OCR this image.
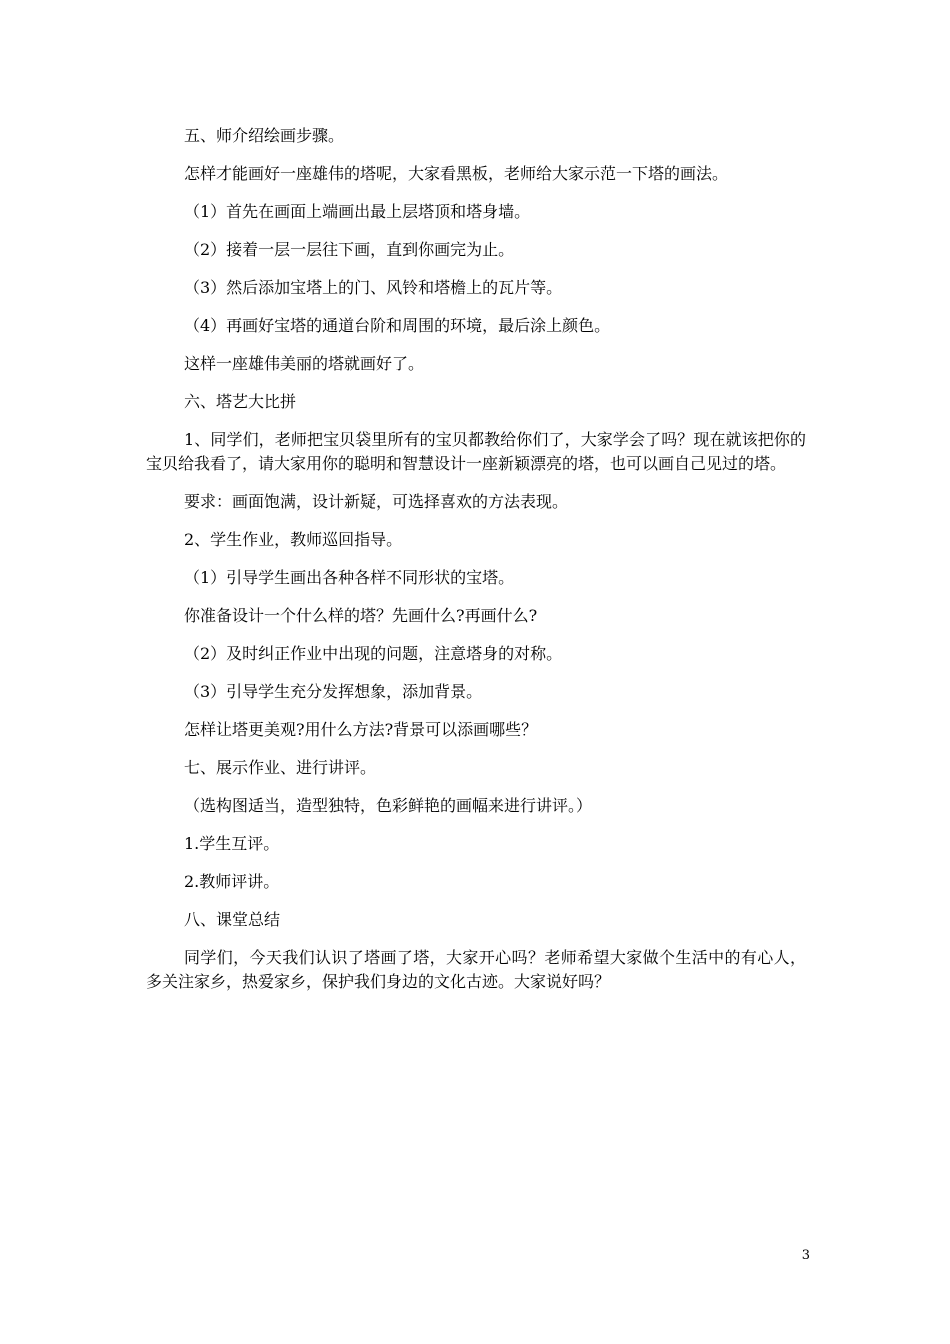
五、师介绍绘画步骤。

怎样才能画好一座雄伟的塔呢，大家看黑板，老师给大家示范一下塔的画法。

（1）首先在画面上端画出最上层塔顶和塔身墙。

（2）接着一层一层往下画，直到你画完为止。

（3）然后添加宝塔上的门、风铃和塔檐上的瓦片等。

（4）再画好宝塔的通道台阶和周围的环境，最后涂上颜色。

这样一座雄伟美丽的塔就画好了。

六、塔艺大比拼

1、同学们，老师把宝贝袋里所有的宝贝都教给你们了，大家学会了吗？现在就该把你的宝贝给我看了，请大家用你的聪明和智慧设计一座新颖漂亮的塔，也可以画自己见过的塔。

要求：画面饱满，设计新疑，可选择喜欢的方法表现。

2、学生作业，教师巡回指导。

（1）引导学生画出各种各样不同形状的宝塔。

你准备设计一个什么样的塔？先画什么?再画什么?

（2）及时纠正作业中出现的问题，注意塔身的对称。

（3）引导学生充分发挥想象，添加背景。

怎样让塔更美观?用什么方法?背景可以添画哪些？

七、展示作业、进行讲评。

（选构图适当，造型独特，色彩鲜艳的画幅来进行讲评。）

1.学生互评。

2.教师评讲。

八、课堂总结

同学们，今天我们认识了塔画了塔，大家开心吗？老师希望大家做个生活中的有心人，多关注家乡，热爱家乡，保护我们身边的文化古迹。大家说好吗？

3
